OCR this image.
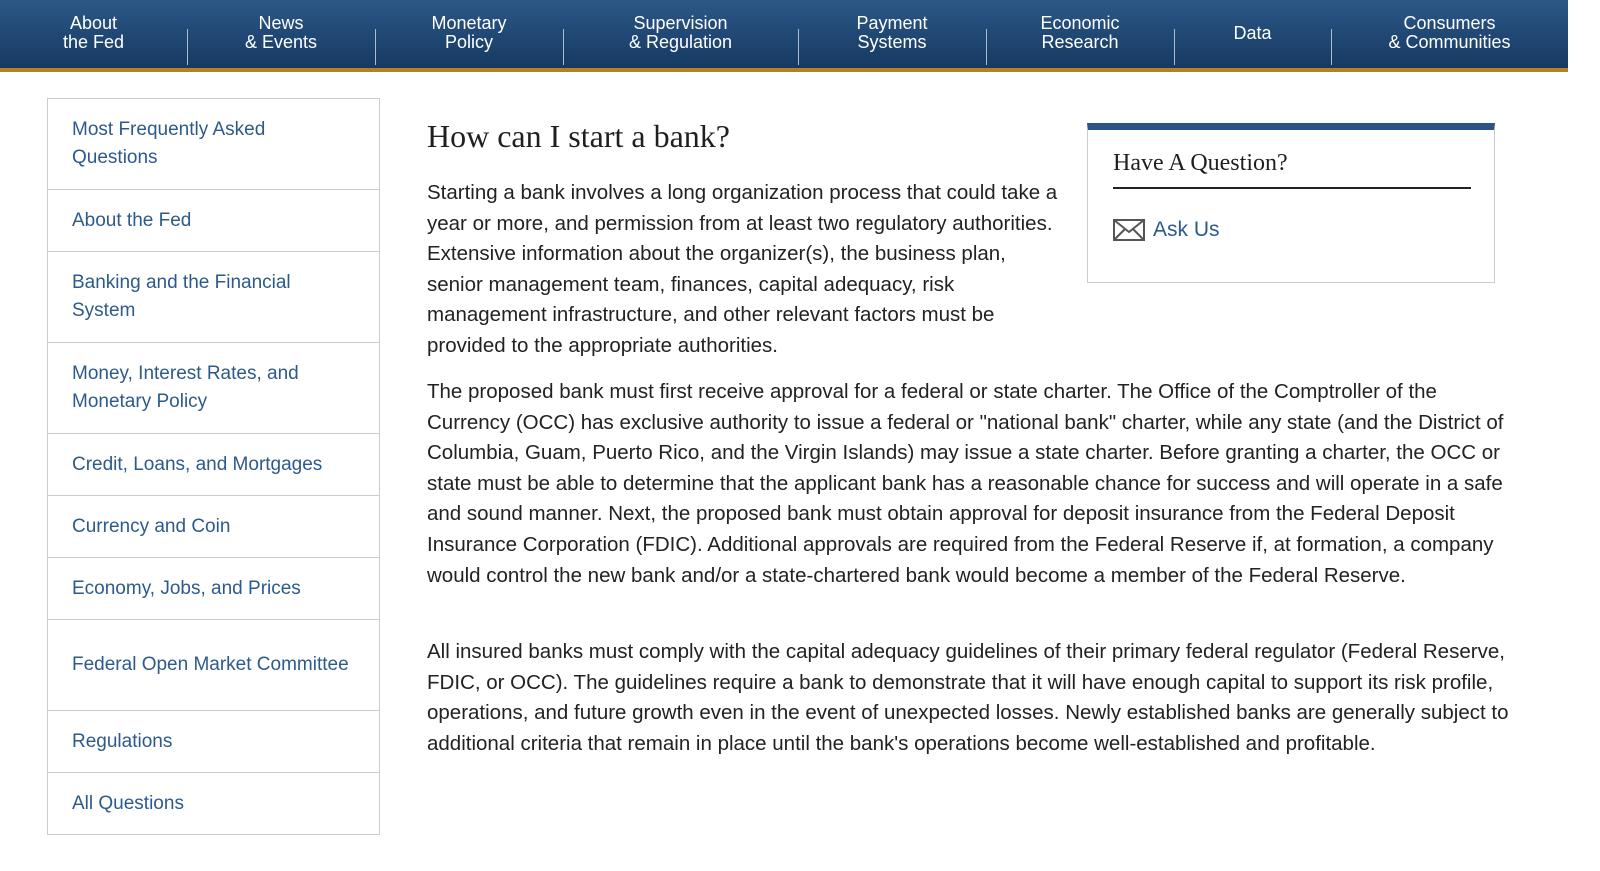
About
the Fed
News
& Events
Monetary
Policy
Supervision
& Regulation
Payment
Systems
Economic
Research	Data	Consumers
& Communities
Most Frequently Asked Questions
About the Fed
Banking and the Financial System
Money, Interest Rates, and Monetary Policy
Credit, Loans, and Mortgages
Currency and Coin
Economy, Jobs, and Prices
Federal Open Market Committee
Regulations
All Questions
How can I start a bank?

Starting a bank involves a long organization process that could take a year or more, and permission from at least two regulatory authorities. Extensive information about the organizer(s), the business plan, senior management team, finances, capital adequacy, risk management infrastructure, and other relevant factors must be provided to the appropriate authorities.

The proposed bank must first receive approval for a federal or state charter. The Office of the Comptroller of the Currency (OCC) has exclusive authority to issue a federal or "national bank" charter, while any state (and the District of Columbia, Guam, Puerto Rico, and the Virgin Islands) may issue a state charter. Before granting a charter, the OCC or state must be able to determine that the applicant bank has a reasonable chance for success and will operate in a safe and sound manner. Next, the proposed bank must obtain approval for deposit insurance from the Federal Deposit Insurance Corporation (FDIC). Additional approvals are required from the Federal Reserve if, at formation, a company would control the new bank and/or a state-chartered bank would become a member of the Federal Reserve.

All insured banks must comply with the capital adequacy guidelines of their primary federal regulator (Federal Reserve, FDIC, or OCC). The guidelines require a bank to demonstrate that it will have enough capital to support its risk profile, operations, and future growth even in the event of unexpected losses. Newly established banks are generally subject to additional criteria that remain in place until the bank's operations become well-established and profitable.

Have A Question?
Ask Us
